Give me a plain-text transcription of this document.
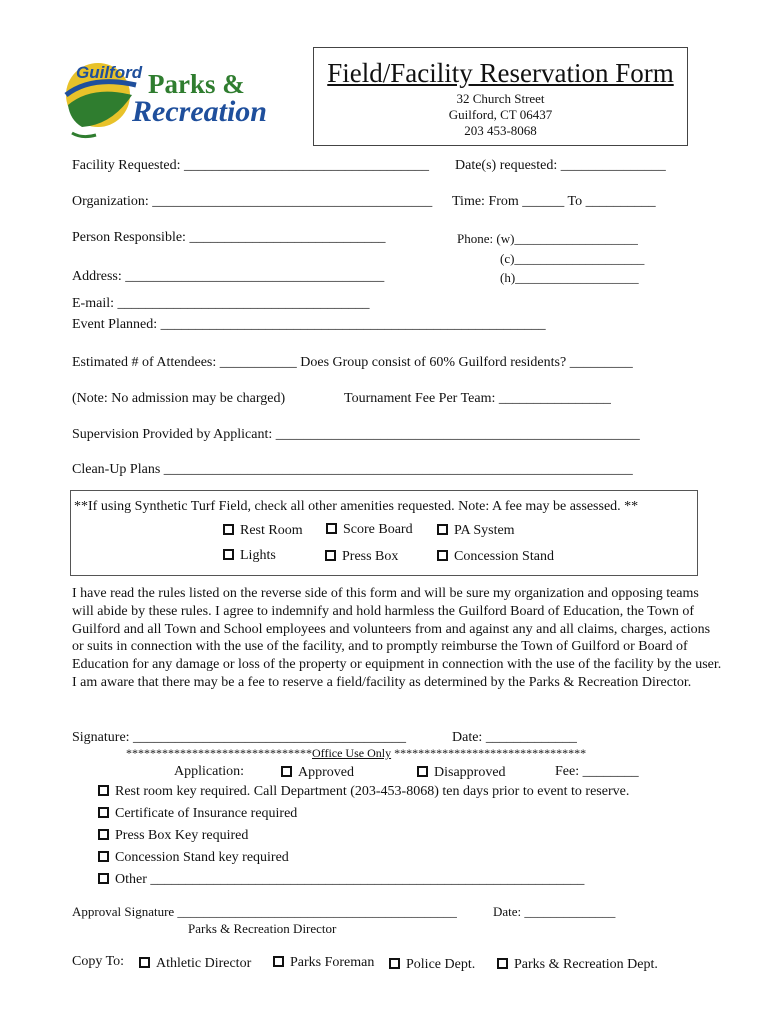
Guilford Parks &
Recreation
Field/Facility Reservation Form
32 Church Street
Guilford, CT 06437
203 453-8068
Facility Requested: ___________________________________ Date(s) requested: _______________
Organization: ________________________________________ Time: From ______ To __________
Person Responsible: ____________________________	Phone: (w)___________________
(c)____________________
(h)___________________
Address: _____________________________________
E-mail: ____________________________________
Event Planned: _______________________________________________________
Estimated # of Attendees: ___________ Does Group consist of 60% Guilford residents? _________
(Note: No admission may be charged)	Tournament Fee Per Team: ________________
Supervision Provided by Applicant: ____________________________________________________
Clean-Up Plans ___________________________________________________________________
**If using Synthetic Turf Field, check all other amenities requested. Note: A fee may be assessed. **
Rest Room	Score Board	PA System
Lights	Press Box	Concession Stand
I have read the rules listed on the reverse side of this form and will be sure my organization and opposing teams will abide by these rules. I agree to indemnify and hold harmless the Guilford Board of Education, the Town of Guilford and all Town and School employees and volunteers from and against any and all claims, charges, actions or suits in connection with the use of the facility, and to promptly reimburse the Town of Guilford or Board of Education for any damage or loss of the property or equipment in connection with the use of the facility by the user. I am aware that there may be a fee to reserve a field/facility as determined by the Parks & Recreation Director.
Signature: _______________________________________	Date: _____________
*******************************Office Use Only ********************************
Application:	Approved	Disapproved	Fee: ________
Rest room key required. Call Department (203-453-8068) ten days prior to event to reserve.
Certificate of Insurance required
Press Box Key required
Concession Stand key required
Other ______________________________________________________________
Approval Signature ___________________________________________	Date: ______________
Parks & Recreation Director
Copy To:	Athletic Director	Parks Foreman	Police Dept.	Parks & Recreation Dept.
